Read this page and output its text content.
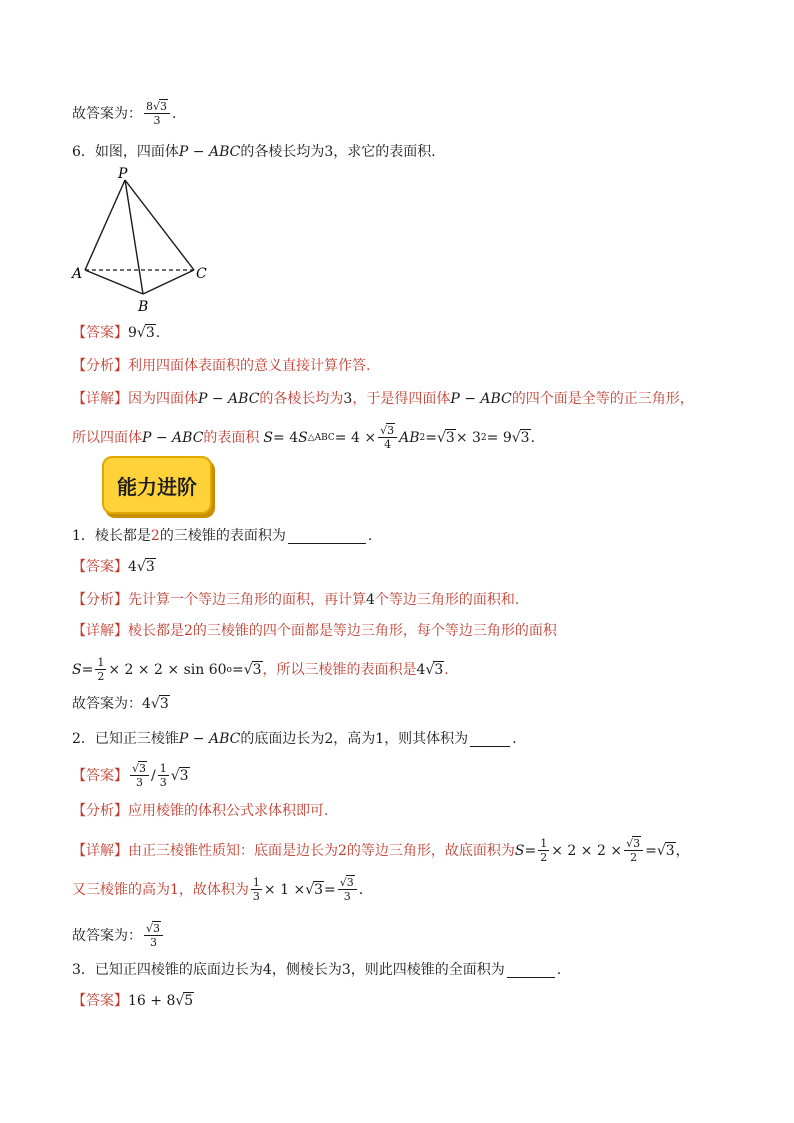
故答案为： $\frac{8√3}{3}$ .
6．如图，四面体 P − ABC 的各棱长均为 3 ，求它的表面积．
P
A
B
C
【答案】 9 √3 .
【分析】 利用四面体表面积的意义直接计算作答.
【详解】 因为四面体 P − ABC 的各棱长均为 3 ，于是得四面体 P − ABC 的四个面是全等的正三角形，
所以四面体 P − ABC 的表面积 S = 4 S △ABC = $4 \times \frac{√3}{4}$ AB 2 = √3 × 3 2 = 9 √3 .
能力进阶
1．棱长都是 2 的三棱锥的表面积为	.
【答案】 4 √3
【分析】 先计算一个等边三角形的面积，再计算 4 个等边三角形的面积和.
【详解】 棱长都是 2 的三棱锥的四个面都是等边三角形，每个等边三角形的面积
$S = \frac{1}{2} \times 2 \times 2 \times \sin 60$ o = √3 ，所以三棱锥的表面积是 4 √3 .
故答案为： 4 √3
2．已知正三棱锥 P − ABC 的底面边长为 2 ，高为 1 ，则其体积为	．
【答案】 $\frac{√3}{3} / \frac{1}{3} √3$
【分析】 应用棱锥的体积公式求体积即可.
【详解】 由正三棱锥性质知：底面是边长为 2 的等边三角形，故底面积为 $S = \frac{1}{2} \times 2 \times 2 \times \frac{√3}{2} = √3$ ，
又三棱锥的高为 1 ，故体积为 $\frac{1}{3} \times 1 \times √3 = \frac{√3}{3}$ .
故答案为： $\frac{√3}{3}$
3．已知正四棱锥的底面边长为 4 ，侧棱长为 3 ，则此四棱锥的全面积为	.
【答案】 16 + 8 √5
